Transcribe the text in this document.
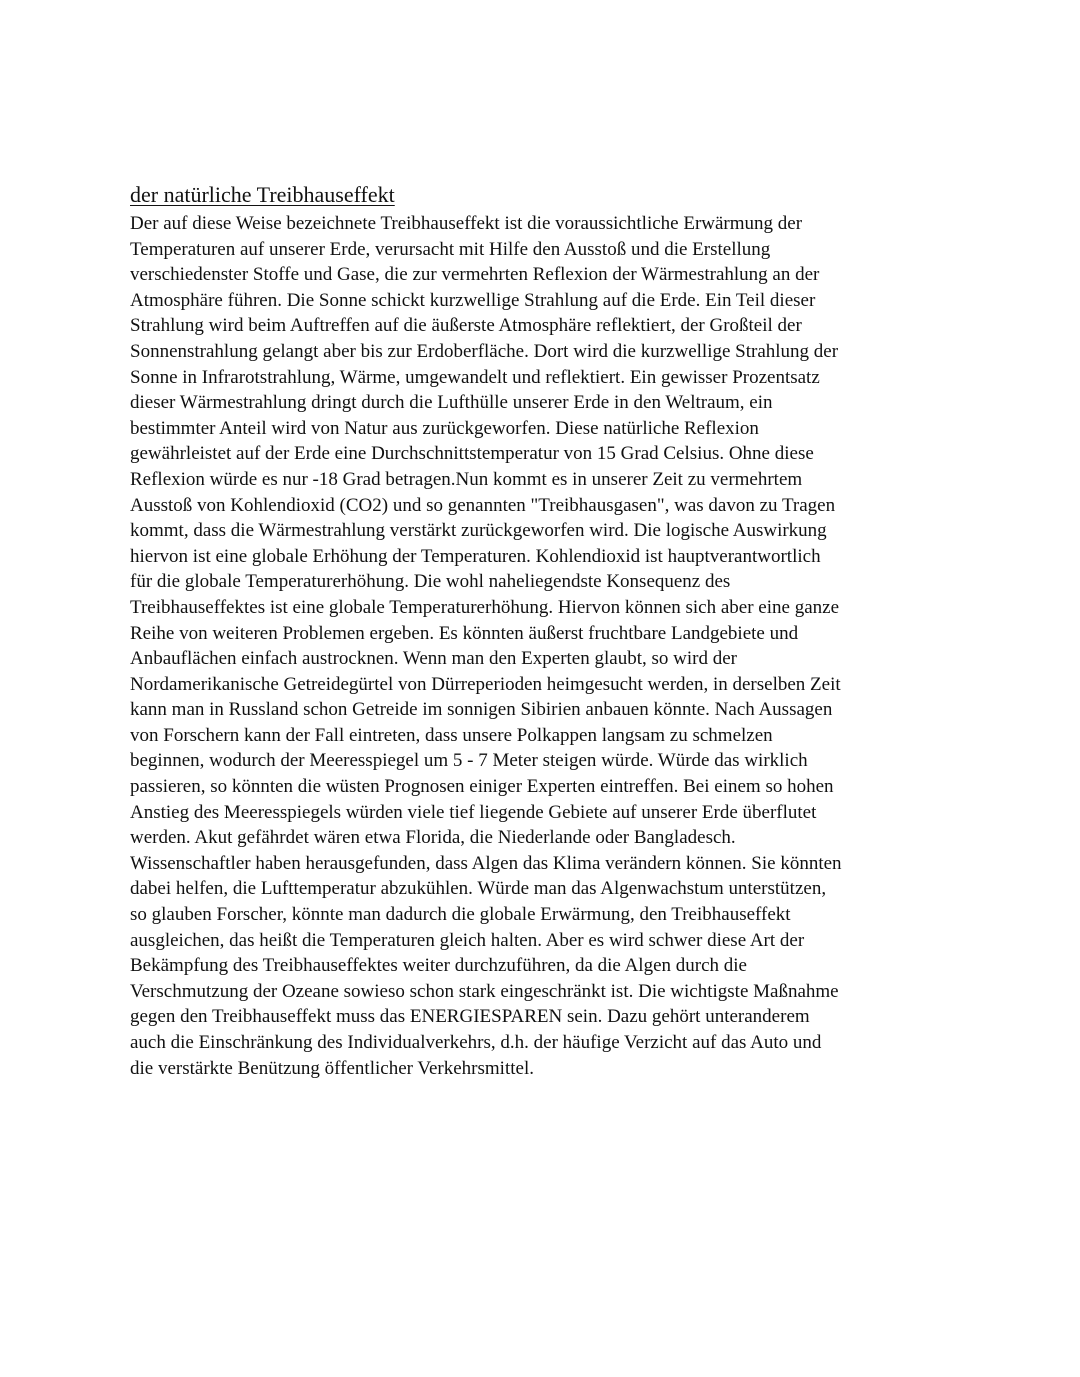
der natürliche Treibhauseffekt
Der auf diese Weise bezeichnete Treibhauseffekt ist die voraussichtliche Erwärmung der
Temperaturen auf unserer Erde, verursacht mit Hilfe den Ausstoß und die Erstellung
verschiedenster Stoffe und Gase, die zur vermehrten Reflexion der Wärmestrahlung an der
Atmosphäre führen. Die Sonne schickt kurzwellige Strahlung auf die Erde. Ein Teil dieser
Strahlung wird beim Auftreffen auf die äußerste Atmosphäre reflektiert, der Großteil der
Sonnenstrahlung gelangt aber bis zur Erdoberfläche. Dort wird die kurzwellige Strahlung der
Sonne in Infrarotstrahlung, Wärme, umgewandelt und reflektiert. Ein gewisser Prozentsatz
dieser Wärmestrahlung dringt durch die Lufthülle unserer Erde in den Weltraum, ein
bestimmter Anteil wird von Natur aus zurückgeworfen. Diese natürliche Reflexion
gewährleistet auf der Erde eine Durchschnittstemperatur von 15 Grad Celsius. Ohne diese
Reflexion würde es nur -18 Grad betragen.Nun kommt es in unserer Zeit zu vermehrtem
Ausstoß von Kohlendioxid (CO2) und so genannten "Treibhausgasen", was davon zu Tragen
kommt, dass die Wärmestrahlung verstärkt zurückgeworfen wird. Die logische Auswirkung
hiervon ist eine globale Erhöhung der Temperaturen. Kohlendioxid ist hauptverantwortlich
für die globale Temperaturerhöhung. Die wohl naheliegendste Konsequenz des
Treibhauseffektes ist eine globale Temperaturerhöhung. Hiervon können sich aber eine ganze
Reihe von weiteren Problemen ergeben. Es könnten äußerst fruchtbare Landgebiete und
Anbauflächen einfach austrocknen. Wenn man den Experten glaubt, so wird der
Nordamerikanische Getreidegürtel von Dürreperioden heimgesucht werden, in derselben Zeit
kann man in Russland schon Getreide im sonnigen Sibirien anbauen könnte. Nach Aussagen
von Forschern kann der Fall eintreten, dass unsere Polkappen langsam zu schmelzen
beginnen, wodurch der Meeresspiegel um 5 - 7 Meter steigen würde. Würde das wirklich
passieren, so könnten die wüsten Prognosen einiger Experten eintreffen. Bei einem so hohen
Anstieg des Meeresspiegels würden viele tief liegende Gebiete auf unserer Erde überflutet
werden. Akut gefährdet wären etwa Florida, die Niederlande oder Bangladesch.
Wissenschaftler haben herausgefunden, dass Algen das Klima verändern können. Sie könnten
dabei helfen, die Lufttemperatur abzukühlen. Würde man das Algenwachstum unterstützen,
so glauben Forscher, könnte man dadurch die globale Erwärmung, den Treibhauseffekt
ausgleichen, das heißt die Temperaturen gleich halten. Aber es wird schwer diese Art der
Bekämpfung des Treibhauseffektes weiter durchzuführen, da die Algen durch die
Verschmutzung der Ozeane sowieso schon stark eingeschränkt ist. Die wichtigste Maßnahme
gegen den Treibhauseffekt muss das ENERGIESPAREN sein. Dazu gehört unteranderem
auch die Einschränkung des Individualverkehrs, d.h. der häufige Verzicht auf das Auto und
die verstärkte Benützung öffentlicher Verkehrsmittel.
